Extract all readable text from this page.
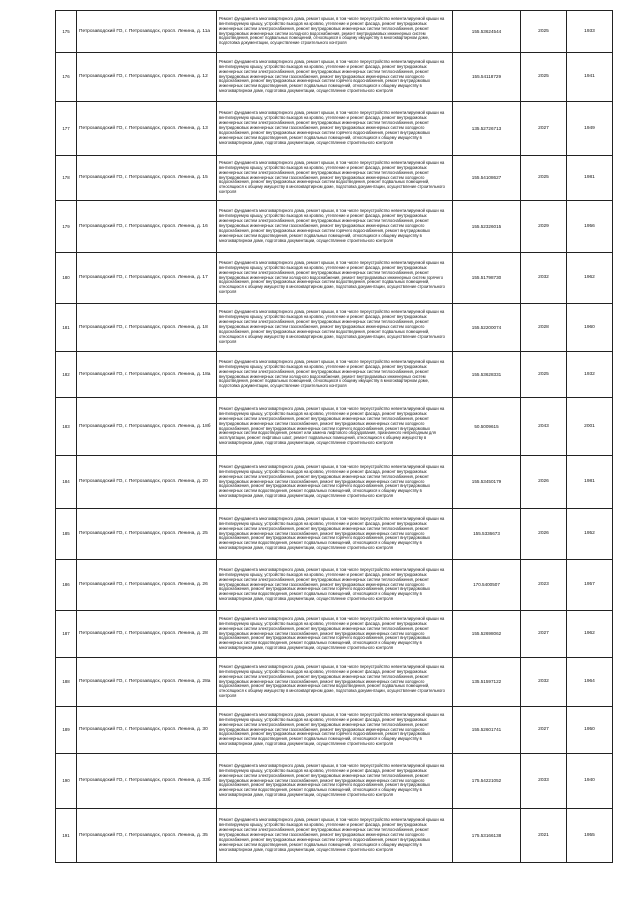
175	Петрозаводский ГО, г. Петрозаводск, просп. Ленина, д. 11а	Ремонт фундамента многоквартирного дома, ремонт крыши, в том числе переустройство невентилируемой крыши на вентилируемую крышу, устройство выходов на кровлю, утепление и ремонт фасада, ремонт внутридомовых инженерных систем электроснабжения, ремонт внутридомовых инженерных систем теплоснабжения, ремонт внутридомовых инженерных систем холодного водоснабжения, ремонт внутридомовых инженерных систем водоотведения, ремонт подвальных помещений, относящихся к общему имуществу в многоквартирном доме, подготовка документации, осуществление строительного контроля	155.53624544	2025	1933
176	Петрозаводский ГО, г. Петрозаводск, просп. Ленина, д. 12	Ремонт фундамента многоквартирного дома, ремонт крыши, в том числе переустройство невентилируемой крыши на вентилируемую крышу, устройство выходов на кровлю, утепление и ремонт фасада, ремонт внутридомовых инженерных систем электроснабжения, ремонт внутридомовых инженерных систем теплоснабжения, ремонт внутридомовых инженерных систем газоснабжения, ремонт внутридомовых инженерных систем холодного водоснабжения, ремонт внутридомовых инженерных систем горячего водоснабжения, ремонт внутридомовых инженерных систем водоотведения, ремонт подвальных помещений, относящихся к общему имуществу в многоквартирном доме, подготовка документации, осуществление строительного контроля	155.54118729	2025	1941
177	Петрозаводский ГО, г. Петрозаводск, просп. Ленина, д. 13	Ремонт фундамента многоквартирного дома, ремонт крыши, в том числе переустройство невентилируемой крыши на вентилируемую крышу, устройство выходов на кровлю, утепление и ремонт фасада, ремонт внутридомовых инженерных систем электроснабжения, ремонт внутридомовых инженерных систем теплоснабжения, ремонт внутридомовых инженерных систем газоснабжения, ремонт внутридомовых инженерных систем холодного водоснабжения, ремонт внутридомовых инженерных систем горячего водоснабжения, ремонт внутридомовых инженерных систем водоотведения, ремонт подвальных помещений, относящихся к общему имуществу в многоквартирном доме, подготовка документации, осуществление строительного контроля	135.52726713	2027	1949
178	Петрозаводский ГО, г. Петрозаводск, просп. Ленина, д. 15	Ремонт фундамента многоквартирного дома, ремонт крыши, в том числе переустройство невентилируемой крыши на вентилируемую крышу, устройство выходов на кровлю, утепление и ремонт фасада, ремонт внутридомовых инженерных систем электроснабжения, ремонт внутридомовых инженерных систем теплоснабжения, ремонт внутридомовых инженерных систем газоснабжения, ремонт внутридомовых инженерных систем холодного водоснабжения, ремонт внутридомовых инженерных систем водоотведения, ремонт подвальных помещений, относящихся к общему имуществу в многоквартирном доме, подготовка документации, осуществление строительного контроля	155.54108627	2025	1981
179	Петрозаводский ГО, г. Петрозаводск, просп. Ленина, д. 16	Ремонт фундамента многоквартирного дома, ремонт крыши, в том числе переустройство невентилируемой крыши на вентилируемую крышу, устройство выходов на кровлю, утепление и ремонт фасада, ремонт внутридомовых инженерных систем электроснабжения, ремонт внутридомовых инженерных систем теплоснабжения, ремонт внутридомовых инженерных систем газоснабжения, ремонт внутридомовых инженерных систем холодного водоснабжения, ремонт внутридомовых инженерных систем горячего водоснабжения, ремонт внутридомовых инженерных систем водоотведения, ремонт подвальных помещений, относящихся к общему имуществу в многоквартирном доме, подготовка документации, осуществление строительного контроля	155.52326015	2029	1956
180	Петрозаводский ГО, г. Петрозаводск, просп. Ленина, д. 17	Ремонт фундамента многоквартирного дома, ремонт крыши, в том числе переустройство невентилируемой крыши на вентилируемую крышу, устройство выходов на кровлю, утепление и ремонт фасада, ремонт внутридомовых инженерных систем электроснабжения, ремонт внутридомовых инженерных систем теплоснабжения, ремонт внутридомовых инженерных систем холодного водоснабжения, ремонт внутридомовых инженерных систем горячего водоснабжения, ремонт внутридомовых инженерных систем водоотведения, ремонт подвальных помещений, относящихся к общему имуществу в многоквартирном доме, подготовка документации, осуществление строительного контроля	155.51798730	2032	1962
181	Петрозаводский ГО, г. Петрозаводск, просп. Ленина, д. 18	Ремонт фундамента многоквартирного дома, ремонт крыши, в том числе переустройство невентилируемой крыши на вентилируемую крышу, устройство выходов на кровлю, утепление и ремонт фасада, ремонт внутридомовых инженерных систем электроснабжения, ремонт внутридомовых инженерных систем теплоснабжения, ремонт внутридомовых инженерных систем газоснабжения, ремонт внутридомовых инженерных систем холодного водоснабжения, ремонт внутридомовых инженерных систем водоотведения, ремонт подвальных помещений, относящихся к общему имуществу в многоквартирном доме, подготовка документации, осуществление строительного контроля	155.52200074	2028	1960
182	Петрозаводский ГО, г. Петрозаводск, просп. Ленина, д. 18а	Ремонт фундамента многоквартирного дома, ремонт крыши, в том числе переустройство невентилируемой крыши на вентилируемую крышу, устройство выходов на кровлю, утепление и ремонт фасада, ремонт внутридомовых инженерных систем электроснабжения, ремонт внутридомовых инженерных систем теплоснабжения, ремонт внутридомовых инженерных систем холодного водоснабжения, ремонт внутридомовых инженерных систем водоотведения, ремонт подвальных помещений, относящихся к общему имуществу в многоквартирном доме, подготовка документации, осуществление строительного контроля	155.53628331	2025	1932
183	Петрозаводский ГО, г. Петрозаводск, просп. Ленина, д. 18б	Ремонт фундамента многоквартирного дома, ремонт крыши, в том числе переустройство невентилируемой крыши на вентилируемую крышу, устройство выходов на кровлю, утепление и ремонт фасада, ремонт внутридомовых инженерных систем электроснабжения, ремонт внутридомовых инженерных систем теплоснабжения, ремонт внутридомовых инженерных систем газоснабжения, ремонт внутридомовых инженерных систем холодного водоснабжения, ремонт внутридомовых инженерных систем горячего водоснабжения, ремонт внутридомовых инженерных систем водоотведения, ремонт или замена лифтового оборудования, признанного непригодным для эксплуатации, ремонт лифтовых шахт, ремонт подвальных помещений, относящихся к общему имуществу в многоквартирном доме, подготовка документации, осуществление строительного контроля	50.5009615	2043	2001
184	Петрозаводский ГО, г. Петрозаводск, просп. Ленина, д. 20	Ремонт фундамента многоквартирного дома, ремонт крыши, в том числе переустройство невентилируемой крыши на вентилируемую крышу, устройство выходов на кровлю, утепление и ремонт фасада, ремонт внутридомовых инженерных систем электроснабжения, ремонт внутридомовых инженерных систем теплоснабжения, ремонт внутридомовых инженерных систем газоснабжения, ремонт внутридомовых инженерных систем холодного водоснабжения, ремонт внутридомовых инженерных систем горячего водоснабжения, ремонт внутридомовых инженерных систем водоотведения, ремонт подвальных помещений, относящихся к общему имуществу в многоквартирном доме, подготовка документации, осуществление строительного контроля	155.53450179	2026	1981
185	Петрозаводский ГО, г. Петрозаводск, просп. Ленина, д. 25	Ремонт фундамента многоквартирного дома, ремонт крыши, в том числе переустройство невентилируемой крыши на вентилируемую крышу, устройство выходов на кровлю, утепление и ремонт фасада, ремонт внутридомовых инженерных систем электроснабжения, ремонт внутридомовых инженерных систем теплоснабжения, ремонт внутридомовых инженерных систем газоснабжения, ремонт внутридомовых инженерных систем холодного водоснабжения, ремонт внутридомовых инженерных систем горячего водоснабжения, ремонт внутридомовых инженерных систем водоотведения, ремонт подвальных помещений, относящихся к общему имуществу в многоквартирном доме, подготовка документации, осуществление строительного контроля	155.5336673	2026	1952
186	Петрозаводский ГО, г. Петрозаводск, просп. Ленина, д. 26	Ремонт фундамента многоквартирного дома, ремонт крыши, в том числе переустройство невентилируемой крыши на вентилируемую крышу, устройство выходов на кровлю, утепление и ремонт фасада, ремонт внутридомовых инженерных систем электроснабжения, ремонт внутридомовых инженерных систем теплоснабжения, ремонт внутридомовых инженерных систем газоснабжения, ремонт внутридомовых инженерных систем холодного водоснабжения, ремонт внутридомовых инженерных систем горячего водоснабжения, ремонт внутридомовых инженерных систем водоотведения, ремонт подвальных помещений, относящихся к общему имуществу в многоквартирном доме, подготовка документации, осуществление строительного контроля	170.5400507	2023	1957
187	Петрозаводский ГО, г. Петрозаводск, просп. Ленина, д. 28	Ремонт фундамента многоквартирного дома, ремонт крыши, в том числе переустройство невентилируемой крыши на вентилируемую крышу, устройство выходов на кровлю, утепление и ремонт фасада, ремонт внутридомовых инженерных систем электроснабжения, ремонт внутридомовых инженерных систем теплоснабжения, ремонт внутридомовых инженерных систем газоснабжения, ремонт внутридомовых инженерных систем холодного водоснабжения, ремонт внутридомовых инженерных систем горячего водоснабжения, ремонт внутридомовых инженерных систем водоотведения, ремонт подвальных помещений, относящихся к общему имуществу в многоквартирном доме, подготовка документации, осуществление строительного контроля	155.52698062	2027	1962
188	Петрозаводский ГО, г. Петрозаводск, просп. Ленина, д. 28а	Ремонт фундамента многоквартирного дома, ремонт крыши, в том числе переустройство невентилируемой крыши на вентилируемую крышу, устройство выходов на кровлю, утепление и ремонт фасада, ремонт внутридомовых инженерных систем электроснабжения, ремонт внутридомовых инженерных систем теплоснабжения, ремонт внутридомовых инженерных систем газоснабжения, ремонт внутридомовых инженерных систем холодного водоснабжения, ремонт внутридомовых инженерных систем водоотведения, ремонт подвальных помещений, относящихся к общему имуществу в многоквартирном доме, подготовка документации, осуществление строительного контроля	135.51597122	2032	1964
189	Петрозаводский ГО, г. Петрозаводск, просп. Ленина, д. 30	Ремонт фундамента многоквартирного дома, ремонт крыши, в том числе переустройство невентилируемой крыши на вентилируемую крышу, устройство выходов на кровлю, утепление и ремонт фасада, ремонт внутридомовых инженерных систем электроснабжения, ремонт внутридомовых инженерных систем теплоснабжения, ремонт внутридомовых инженерных систем газоснабжения, ремонт внутридомовых инженерных систем холодного водоснабжения, ремонт внутридомовых инженерных систем горячего водоснабжения, ремонт внутридомовых инженерных систем водоотведения, ремонт подвальных помещений, относящихся к общему имуществу в многоквартирном доме, подготовка документации, осуществление строительного контроля	155.52601741	2027	1950
190	Петрозаводский ГО, г. Петрозаводск, просп. Ленина, д. 33б	Ремонт фундамента многоквартирного дома, ремонт крыши, в том числе переустройство невентилируемой крыши на вентилируемую крышу, устройство выходов на кровлю, утепление и ремонт фасада, ремонт внутридомовых инженерных систем электроснабжения, ремонт внутридомовых инженерных систем теплоснабжения, ремонт внутридомовых инженерных систем газоснабжения, ремонт внутридомовых инженерных систем холодного водоснабжения, ремонт внутридомовых инженерных систем горячего водоснабжения, ремонт внутридомовых инженерных систем водоотведения, ремонт подвальных помещений, относящихся к общему имуществу в многоквартирном доме, подготовка документации, осуществление строительного контроля	175.54221052	2033	1940
191	Петрозаводский ГО, г. Петрозаводск, просп. Ленина, д. 35	Ремонт фундамента многоквартирного дома, ремонт крыши, в том числе переустройство невентилируемой крыши на вентилируемую крышу, устройство выходов на кровлю, утепление и ремонт фасада, ремонт внутридомовых инженерных систем электроснабжения, ремонт внутридомовых инженерных систем теплоснабжения, ремонт внутридомовых инженерных систем газоснабжения, ремонт внутридомовых инженерных систем холодного водоснабжения, ремонт внутридомовых инженерных систем горячего водоснабжения, ремонт внутридомовых инженерных систем водоотведения, ремонт подвальных помещений, относящихся к общему имуществу в многоквартирном доме, подготовка документации, осуществление строительного контроля	175.53166138	2021	1955
